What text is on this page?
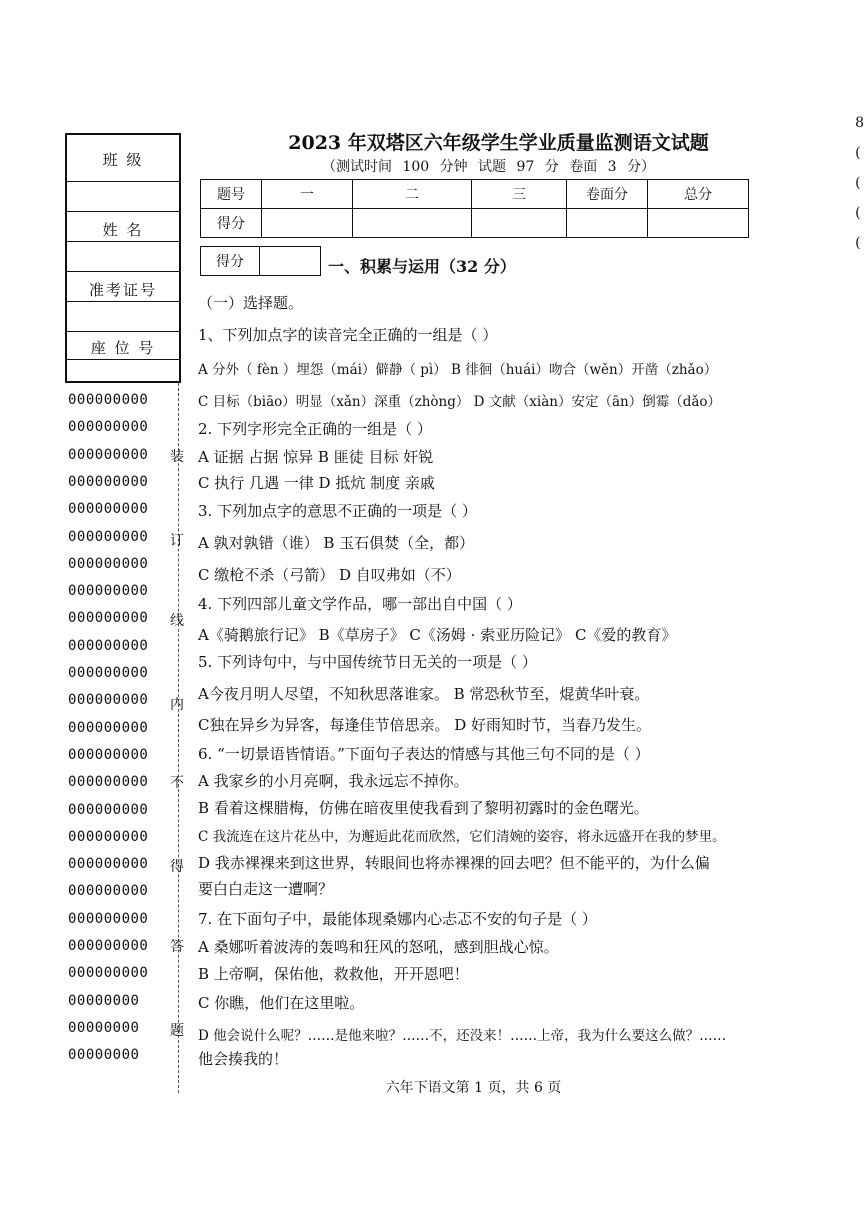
班 级
姓 名
准考证号
座 位 号
000000000
000000000
000000000
000000000
000000000
000000000
000000000
000000000
000000000
000000000
000000000
000000000
000000000
000000000
000000000
000000000
000000000
000000000
000000000
000000000
000000000
000000000
00000000
00000000
00000000
装
订
线
内
不
得
答
题
8
(
(
(
(
2023 年双塔区六年级学生学业质量监测语文试题
（测试时间 100 分钟 试题 97 分 卷面 3 分）
题号	一	二	三	卷面分	总分
得分					
得分		一、积累与运用（32 分）
（一）选择题。
1、下列加点字的读音完全正确的一组是（ ）
A 分外（ fèn ）埋怨（mái）僻静（ pì） B 徘徊（huái）吻合（wěn）开凿（zhǎo）
C 目标（biāo）明显（xǎn）深重（zhòng） D 文献（xiàn）安定（ān）倒霉（dǎo）
2. 下列字形完全正确的一组是（ ）
A 证据 占据 惊异 B 匪徒 目标 奸锐
C 执行 几遇 一律 D 抵炕 制度 亲戚
3. 下列加点字的意思不正确的一项是（ ）
A 孰对孰错（谁） B 玉石俱焚（全，都）
C 缴枪不杀（弓箭） D 自叹弗如（不）
4. 下列四部儿童文学作品，哪一部出自中国（ ）
A《骑鹅旅行记》 B《草房子》 C《汤姆 · 索亚历险记》 C《爱的教育》
5. 下列诗句中，与中国传统节日无关的一项是（ ）
A今夜月明人尽望，不知秋思落谁家。 B 常恐秋节至，焜黄华叶衰。
C独在异乡为异客，每逢佳节倍思亲。 D 好雨知时节，当春乃发生。
6. “一切景语皆情语。”下面句子表达的情感与其他三句不同的是（ ）
A 我家乡的小月亮啊，我永远忘不掉你。
B 看着这棵腊梅，仿佛在暗夜里使我看到了黎明初露时的金色曙光。
C 我流连在这片花丛中，为邂逅此花而欣然，它们清婉的姿容，将永远盛开在我的梦里。
D 我赤裸裸来到这世界，转眼间也将赤裸裸的回去吧？但不能平的，为什么偏
要白白走这一遭啊？
7. 在下面句子中，最能体现桑娜内心忐忑不安的句子是（ ）
A 桑娜听着波涛的轰鸣和狂风的怒吼，感到胆战心惊。
B 上帝啊，保佑他，救救他，开开恩吧！
C 你瞧，他们在这里啦。
D 他会说什么呢？……是他来啦？……不，还没来！……上帝，我为什么要这么做？……
他会揍我的！
六年下语文第 1 页，共 6 页
